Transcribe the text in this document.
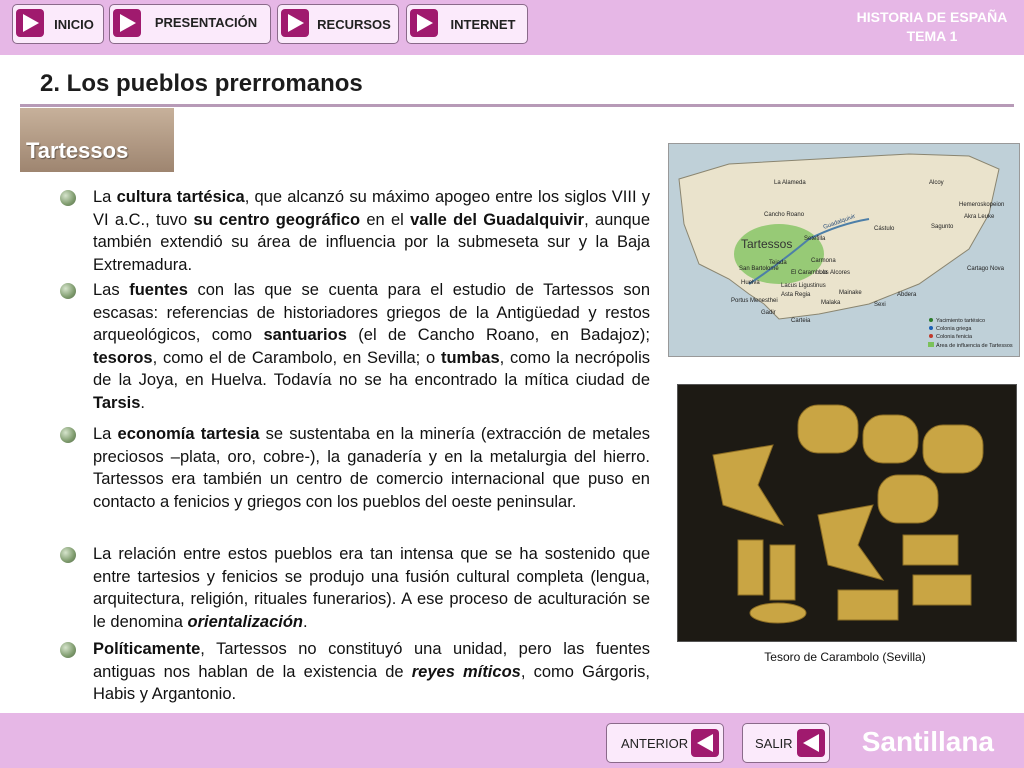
INICIO	PRESENTACIÓN	RECURSOS	INTERNET	HISTORIA DE ESPAÑA
TEMA 1
2. Los pueblos prerromanos
Tartessos
La cultura tartésica, que alcanzó su máximo apogeo entre los siglos VIII y VI a.C., tuvo su centro geográfico en el valle del Guadalquivir, aunque también extendió su área de influencia por la submeseta sur y la Baja Extremadura.
Las fuentes con las que se cuenta para el estudio de Tartessos son escasas: referencias de historiadores griegos de la Antigüedad y restos arqueológicos, como santuarios (el de Cancho Roano, en Badajoz); tesoros, como el de Carambolo, en Sevilla; o tumbas, como la necrópolis de la Joya, en Huelva. Todavía no se ha encontrado la mítica ciudad de Tarsis.
La economía tartesia se sustentaba en la minería (extracción de metales preciosos –plata, oro, cobre-), la ganadería y en la metalurgia del hierro. Tartessos era también un centro de comercio internacional que puso en contacto a fenicios y griegos con los pueblos del oeste peninsular.
La relación entre estos pueblos era tan intensa que se ha sostenido que entre tartesios y fenicios se produjo una fusión cultural completa (lengua, arquitectura, religión, rituales funerarios). A ese proceso de aculturación se le denomina orientalización.
Políticamente, Tartessos no constituyó una unidad, pero las fuentes antiguas nos hablan de la existencia de reyes míticos, como Gárgoris, Habis y Argantonio.
Tartessos
Guadalquivir
La Alameda	Alcoy
Hemeroskopeion
Akra Leuke
Cancho Roano
Sagunto
Setefilla
Cástulo
Carmona
Tejada
San Bartolomé
Huelva
El Carambolo
Los Alcores
Lacus Ligustinus
Cartago Nova
Portus Menesthei
Asta Regia
Gadir
Malaka
Mainake	Abdera
Sexi
Carteia	Yacimiento tartésico
Colonia griega
Colonia fenicia
Área de influencia de Tartessos
Tesoro de Carambolo (Sevilla)
ANTERIOR	SALIR Santillana
